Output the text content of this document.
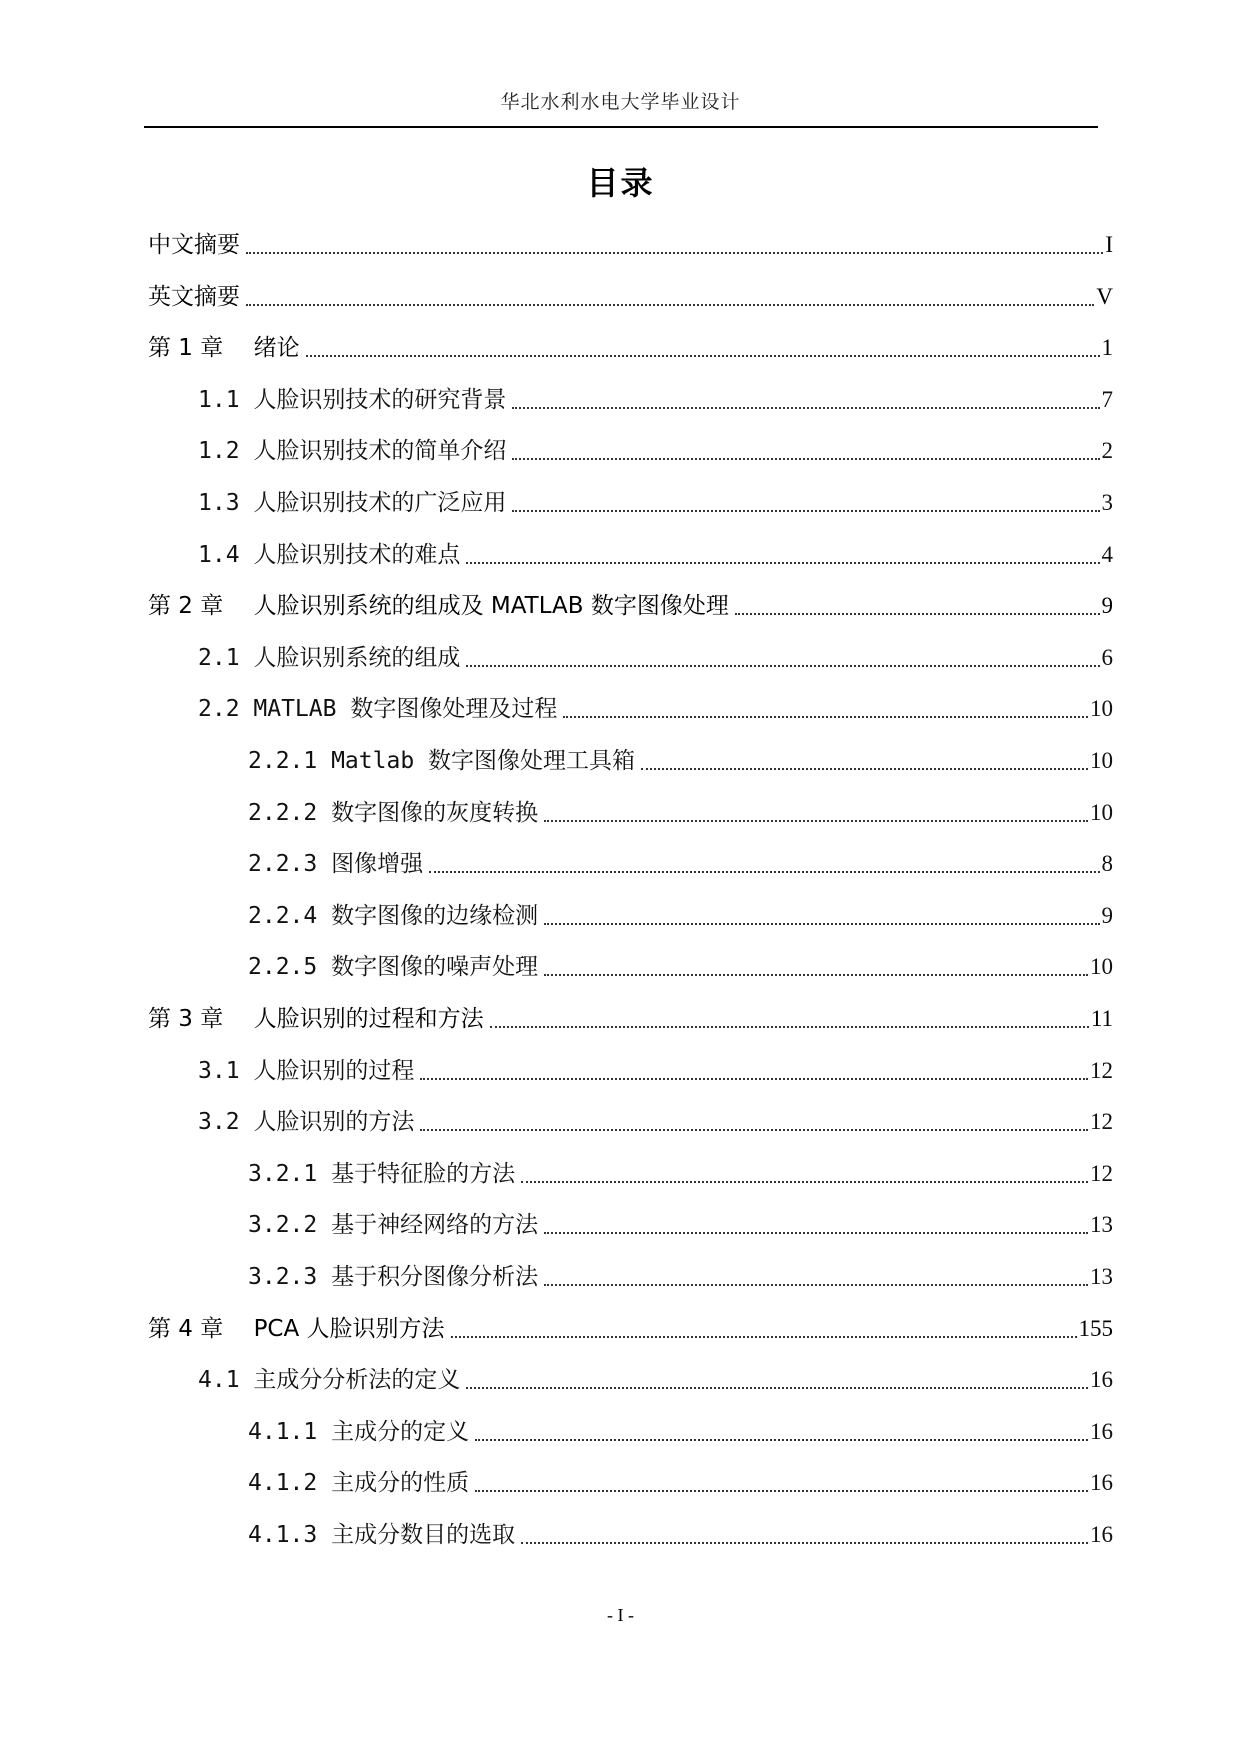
华北水利水电大学毕业设计
目录
中文摘要	I
英文摘要	V
第 1 章　 绪论	1
1.1 人脸识别技术的研究背景	7
1.2 人脸识别技术的简单介绍	2
1.3 人脸识别技术的广泛应用	3
1.4 人脸识别技术的难点	4
第 2 章　 人脸识别系统的组成及 MATLAB 数字图像处理	9
2.1 人脸识别系统的组成	6
2.2 MATLAB 数字图像处理及过程	10
2.2.1 Matlab 数字图像处理工具箱	10
2.2.2 数字图像的灰度转换	10
2.2.3 图像增强	8
2.2.4 数字图像的边缘检测	9
2.2.5 数字图像的噪声处理	10
第 3 章　 人脸识别的过程和方法	11
3.1 人脸识别的过程	12
3.2 人脸识别的方法	12
3.2.1 基于特征脸的方法	12
3.2.2 基于神经网络的方法	13
3.2.3 基于积分图像分析法	13
第 4 章　 PCA 人脸识别方法	155
4.1 主成分分析法的定义	16
4.1.1 主成分的定义	16
4.1.2 主成分的性质	16
4.1.3 主成分数目的选取	16
- I -
